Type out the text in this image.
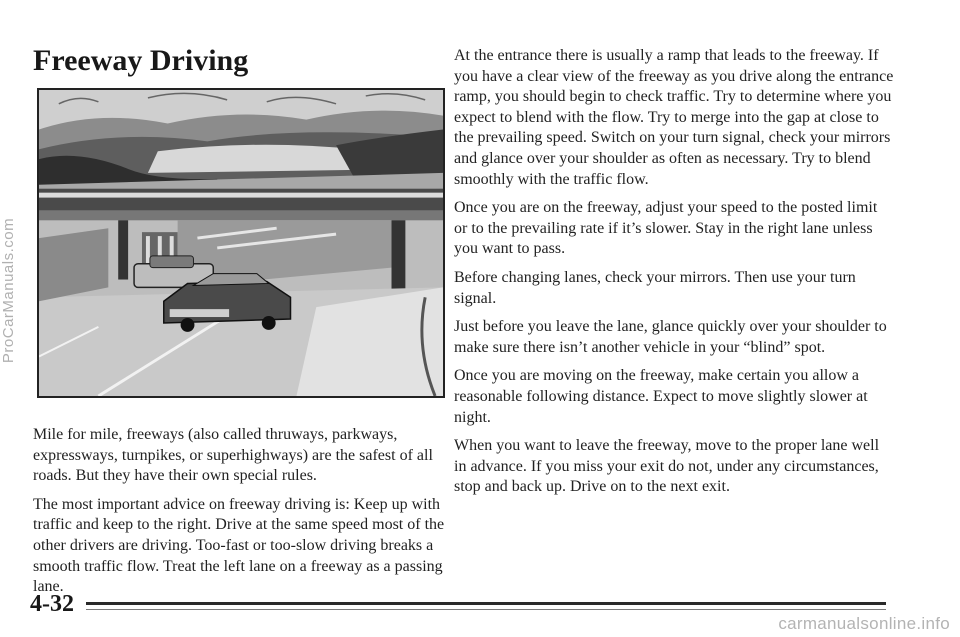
Freeway Driving

Mile for mile, freeways (also called thruways, parkways, expressways, turnpikes, or superhighways) are the safest of all roads. But they have their own special rules.

The most important advice on freeway driving is: Keep up with traffic and keep to the right. Drive at the same speed most of the other drivers are driving. Too-fast or too-slow driving breaks a smooth traffic flow. Treat the left lane on a freeway as a passing lane.

At the entrance there is usually a ramp that leads to the freeway. If you have a clear view of the freeway as you drive along the entrance ramp, you should begin to check traffic. Try to determine where you expect to blend with the flow. Try to merge into the gap at close to the prevailing speed. Switch on your turn signal, check your mirrors and glance over your shoulder as often as necessary. Try to blend smoothly with the traffic flow.

Once you are on the freeway, adjust your speed to the posted limit or to the prevailing rate if it’s slower. Stay in the right lane unless you want to pass.

Before changing lanes, check your mirrors. Then use your turn signal.

Just before you leave the lane, glance quickly over your shoulder to make sure there isn’t another vehicle in your “blind” spot.

Once you are moving on the freeway, make certain you allow a reasonable following distance. Expect to move slightly slower at night.

When you want to leave the freeway, move to the proper lane well in advance. If you miss your exit do not, under any circumstances, stop and back up. Drive on to the next exit.

4-32
ProCarManuals.com
carmanualsonline.info
